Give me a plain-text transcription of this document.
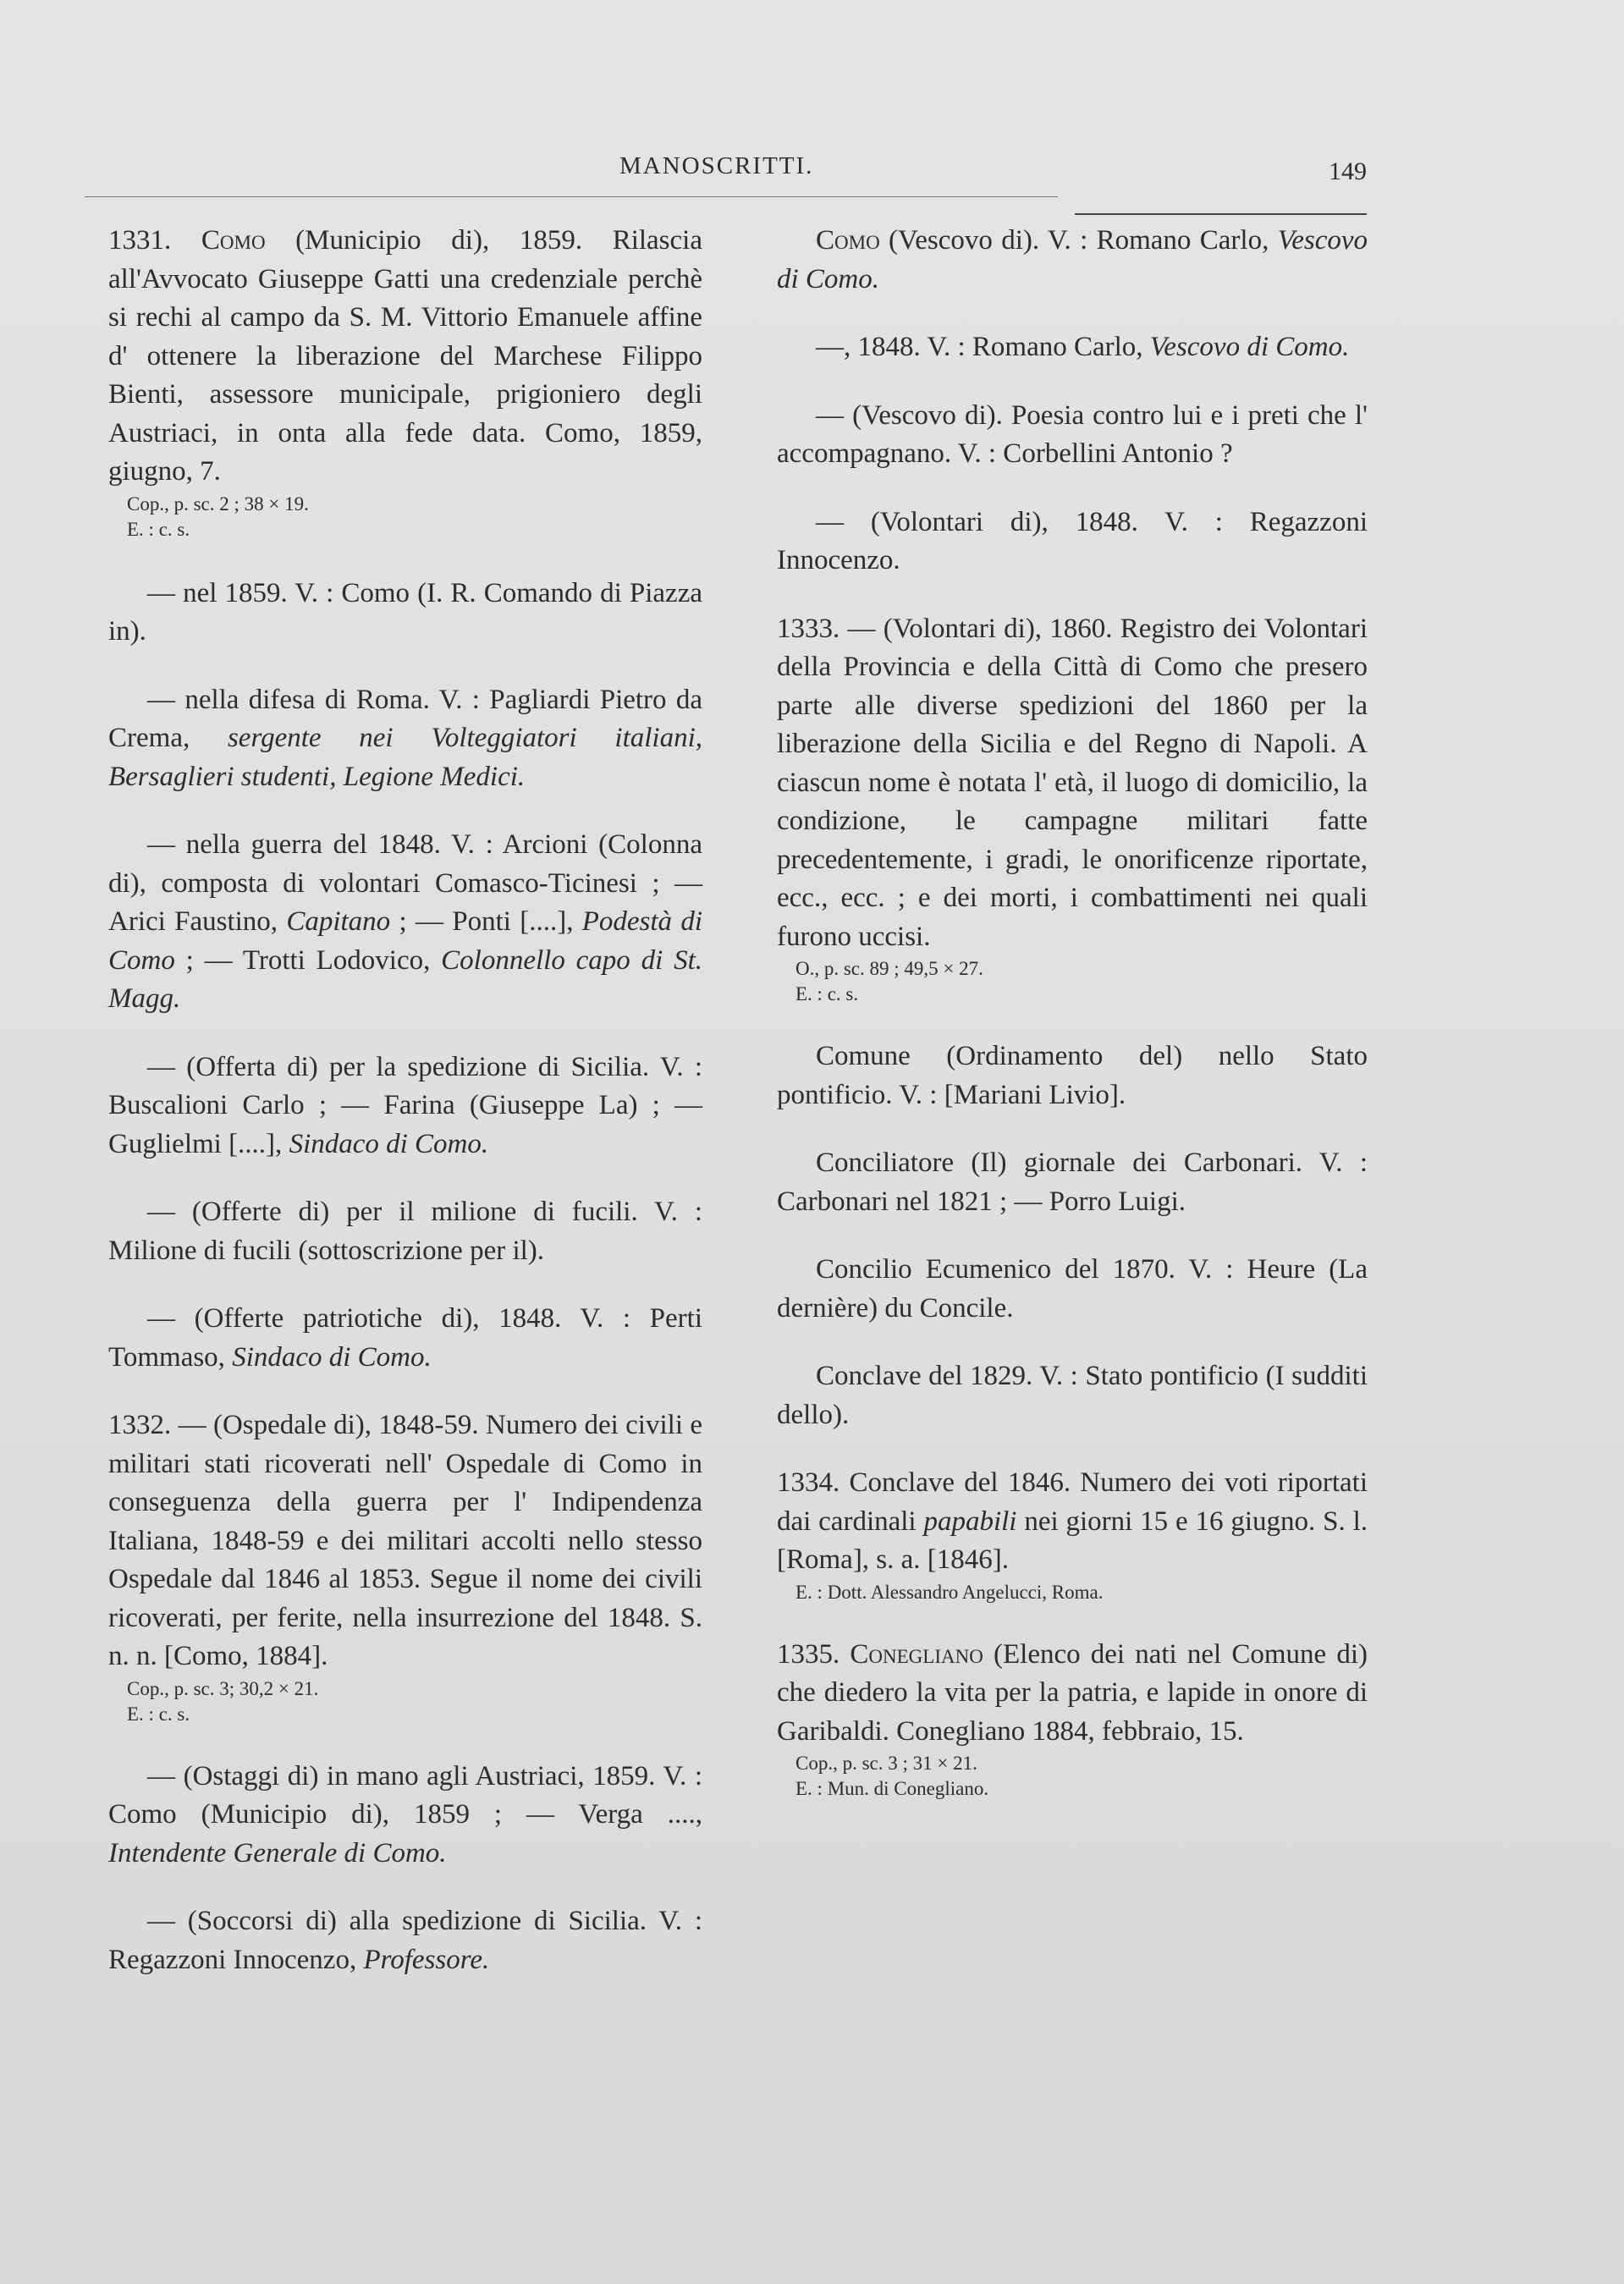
MANOSCRITTI.	149

1331. Como (Municipio di), 1859. Rilascia all'Avvocato Giuseppe Gatti una credenziale perchè si rechi al campo da S. M. Vittorio Emanuele affine d' ottenere la liberazione del Marchese Filippo Bienti, assessore municipale, prigioniero degli Austriaci, in onta alla fede data. Como, 1859, giugno, 7.

Cop., p. sc. 2 ; 38 × 19.

E. : c. s.

— nel 1859. V. : Como (I. R. Comando di Piazza in).

— nella difesa di Roma. V. : Pagliardi Pietro da Crema, sergente nei Volteggiatori italiani, Bersaglieri studenti, Legione Medici.

— nella guerra del 1848. V. : Arcioni (Colonna di), composta di volontari Comasco-Ticinesi ; — Arici Faustino, Capitano ; — Ponti [....], Podestà di Como ; — Trotti Lodovico, Colonnello capo di St. Magg.

— (Offerta di) per la spedizione di Sicilia. V. : Buscalioni Carlo ; — Farina (Giuseppe La) ; — Guglielmi [....], Sindaco di Como.

— (Offerte di) per il milione di fucili. V. : Milione di fucili (sottoscrizione per il).

— (Offerte patriotiche di), 1848. V. : Perti Tommaso, Sindaco di Como.

1332. — (Ospedale di), 1848-59. Numero dei civili e militari stati ricoverati nell' Ospedale di Como in conseguenza della guerra per l' Indipendenza Italiana, 1848-59 e dei militari accolti nello stesso Ospedale dal 1846 al 1853. Segue il nome dei civili ricoverati, per ferite, nella insurrezione del 1848. S. n. n. [Como, 1884].

Cop., p. sc. 3; 30,2 × 21.

E. : c. s.

— (Ostaggi di) in mano agli Austriaci, 1859. V. : Como (Municipio di), 1859 ; — Verga ...., Intendente Generale di Como.

— (Soccorsi di) alla spedizione di Sicilia. V. : Regazzoni Innocenzo, Professore.

Como (Vescovo di). V. : Romano Carlo, Vescovo di Como.

—, 1848. V. : Romano Carlo, Vescovo di Como.

— (Vescovo di). Poesia contro lui e i preti che l' accompagnano. V. : Corbellini Antonio ?

— (Volontari di), 1848. V. : Regazzoni Innocenzo.

1333. — (Volontari di), 1860. Registro dei Volontari della Provincia e della Città di Como che presero parte alle diverse spedizioni del 1860 per la liberazione della Sicilia e del Regno di Napoli. A ciascun nome è notata l' età, il luogo di domicilio, la condizione, le campagne militari fatte precedentemente, i gradi, le onorificenze riportate, ecc., ecc. ; e dei morti, i combattimenti nei quali furono uccisi.

O., p. sc. 89 ; 49,5 × 27.

E. : c. s.

Comune (Ordinamento del) nello Stato pontificio. V. : [Mariani Livio].

Conciliatore (Il) giornale dei Carbonari. V. : Carbonari nel 1821 ; — Porro Luigi.

Concilio Ecumenico del 1870. V. : Heure (La dernière) du Concile.

Conclave del 1829. V. : Stato pontificio (I sudditi dello).

1334. Conclave del 1846. Numero dei voti riportati dai cardinali papabili nei giorni 15 e 16 giugno. S. l. [Roma], s. a. [1846].

E. : Dott. Alessandro Angelucci, Roma.

1335. Conegliano (Elenco dei nati nel Comune di) che diedero la vita per la patria, e lapide in onore di Garibaldi. Conegliano 1884, febbraio, 15.

Cop., p. sc. 3 ; 31 × 21.

E. : Mun. di Conegliano.
